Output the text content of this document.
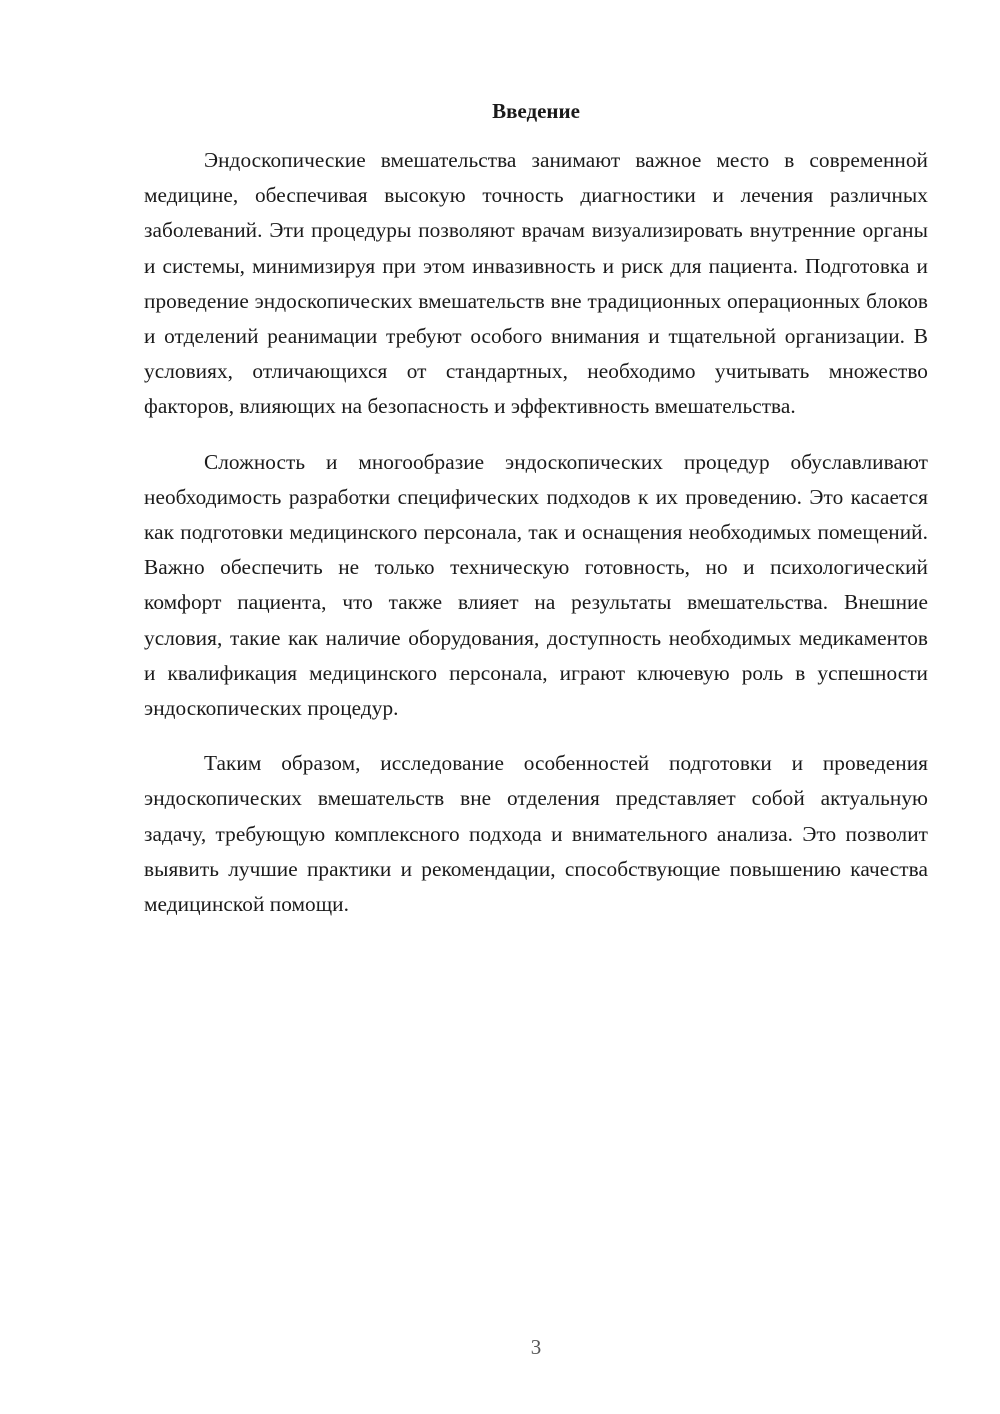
Введение

Эндоскопические вмешательства занимают важное место в современной медицине, обеспечивая высокую точность диагностики и лечения различных заболеваний. Эти процедуры позволяют врачам визуализировать внутренние органы и системы, минимизируя при этом инвазивность и риск для пациента. Подготовка и проведение эндоскопических вмешательств вне традиционных операционных блоков и отделений реанимации требуют особого внимания и тщательной организации. В условиях, отличающихся от стандартных, необходимо учитывать множество факторов, влияющих на безопасность и эффективность вмешательства.

Сложность и многообразие эндоскопических процедур обуславливают необходимость разработки специфических подходов к их проведению. Это касается как подготовки медицинского персонала, так и оснащения необходимых помещений. Важно обеспечить не только техническую готовность, но и психологический комфорт пациента, что также влияет на результаты вмешательства. Внешние условия, такие как наличие оборудования, доступность необходимых медикаментов и квалификация медицинского персонала, играют ключевую роль в успешности эндоскопических процедур.

Таким образом, исследование особенностей подготовки и проведения эндоскопических вмешательств вне отделения представляет собой актуальную задачу, требующую комплексного подхода и внимательного анализа. Это позволит выявить лучшие практики и рекомендации, способствующие повышению качества медицинской помощи.

3
